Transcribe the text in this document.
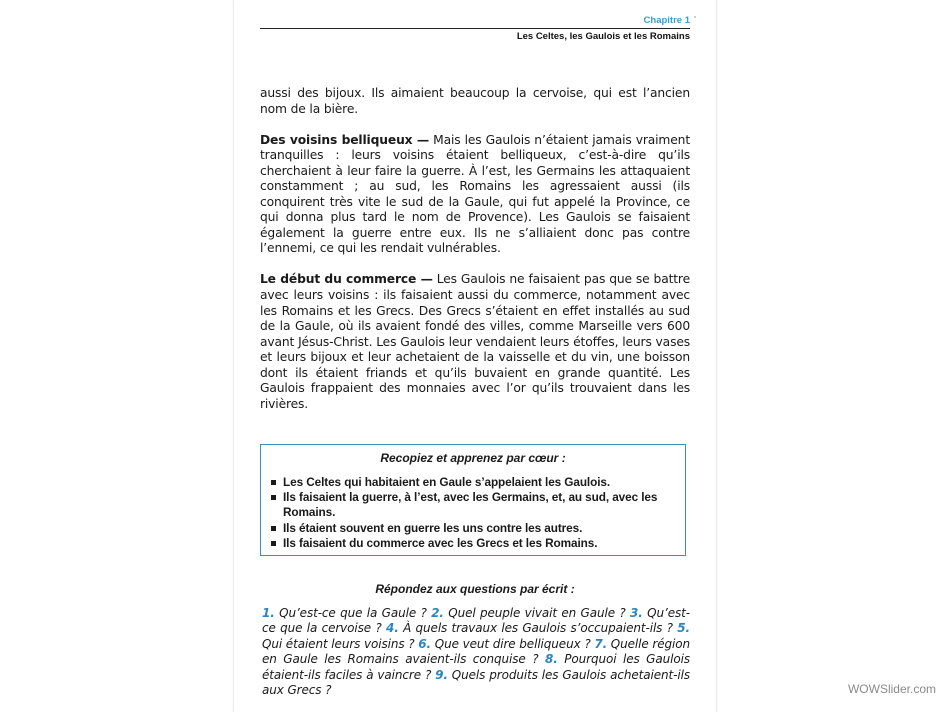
Chapitre 1
Les Celtes, les Gaulois et les Romains

aussi des bijoux. Ils aimaient beaucoup la cervoise, qui est l’ancien nom de la bière.

Des voisins belliqueux — Mais les Gaulois n’étaient jamais vraiment tranquilles : leurs voisins étaient belliqueux, c’est-à-dire qu’ils cherchaient à leur faire la guerre. À l’est, les Germains les attaquaient constamment ; au sud, les Romains les agressaient aussi (ils conquirent très vite le sud de la Gaule, qui fut appelé la Province, ce qui donna plus tard le nom de Provence). Les Gaulois se faisaient également la guerre entre eux. Ils ne s’alliaient donc pas contre l’ennemi, ce qui les rendait vulnérables.

Le début du commerce — Les Gaulois ne faisaient pas que se battre avec leurs voisins : ils faisaient aussi du commerce, notamment avec les Romains et les Grecs. Des Grecs s’étaient en effet installés au sud de la Gaule, où ils avaient fondé des villes, comme Marseille vers 600 avant Jésus-Christ. Les Gaulois leur vendaient leurs étoffes, leurs vases et leurs bijoux et leur achetaient de la vaisselle et du vin, une boisson dont ils étaient friands et qu’ils buvaient en grande quantité. Les Gaulois frappaient des monnaies avec l’or qu’ils trouvaient dans les rivières.

Recopiez et apprenez par cœur :
Les Celtes qui habitaient en Gaule s’appelaient les Gaulois.
Ils faisaient la guerre, à l’est, avec les Germains, et, au sud, avec les Romains.
Ils étaient souvent en guerre les uns contre les autres.
Ils faisaient du commerce avec les Grecs et les Romains.
Répondez aux questions par écrit :
1. Qu’est-ce que la Gaule ? 2. Quel peuple vivait en Gaule ? 3. Qu’est-ce que la cervoise ? 4. À quels travaux les Gaulois s’occupaient-ils ? 5. Qui étaient leurs voisins ? 6. Que veut dire belliqueux ? 7. Quelle région en Gaule les Romains avaient-ils conquise ? 8. Pourquoi les Gaulois étaient-ils faciles à vaincre ? 9. Quels produits les Gaulois achetaient-ils aux Grecs ?	WOWSlider.com
